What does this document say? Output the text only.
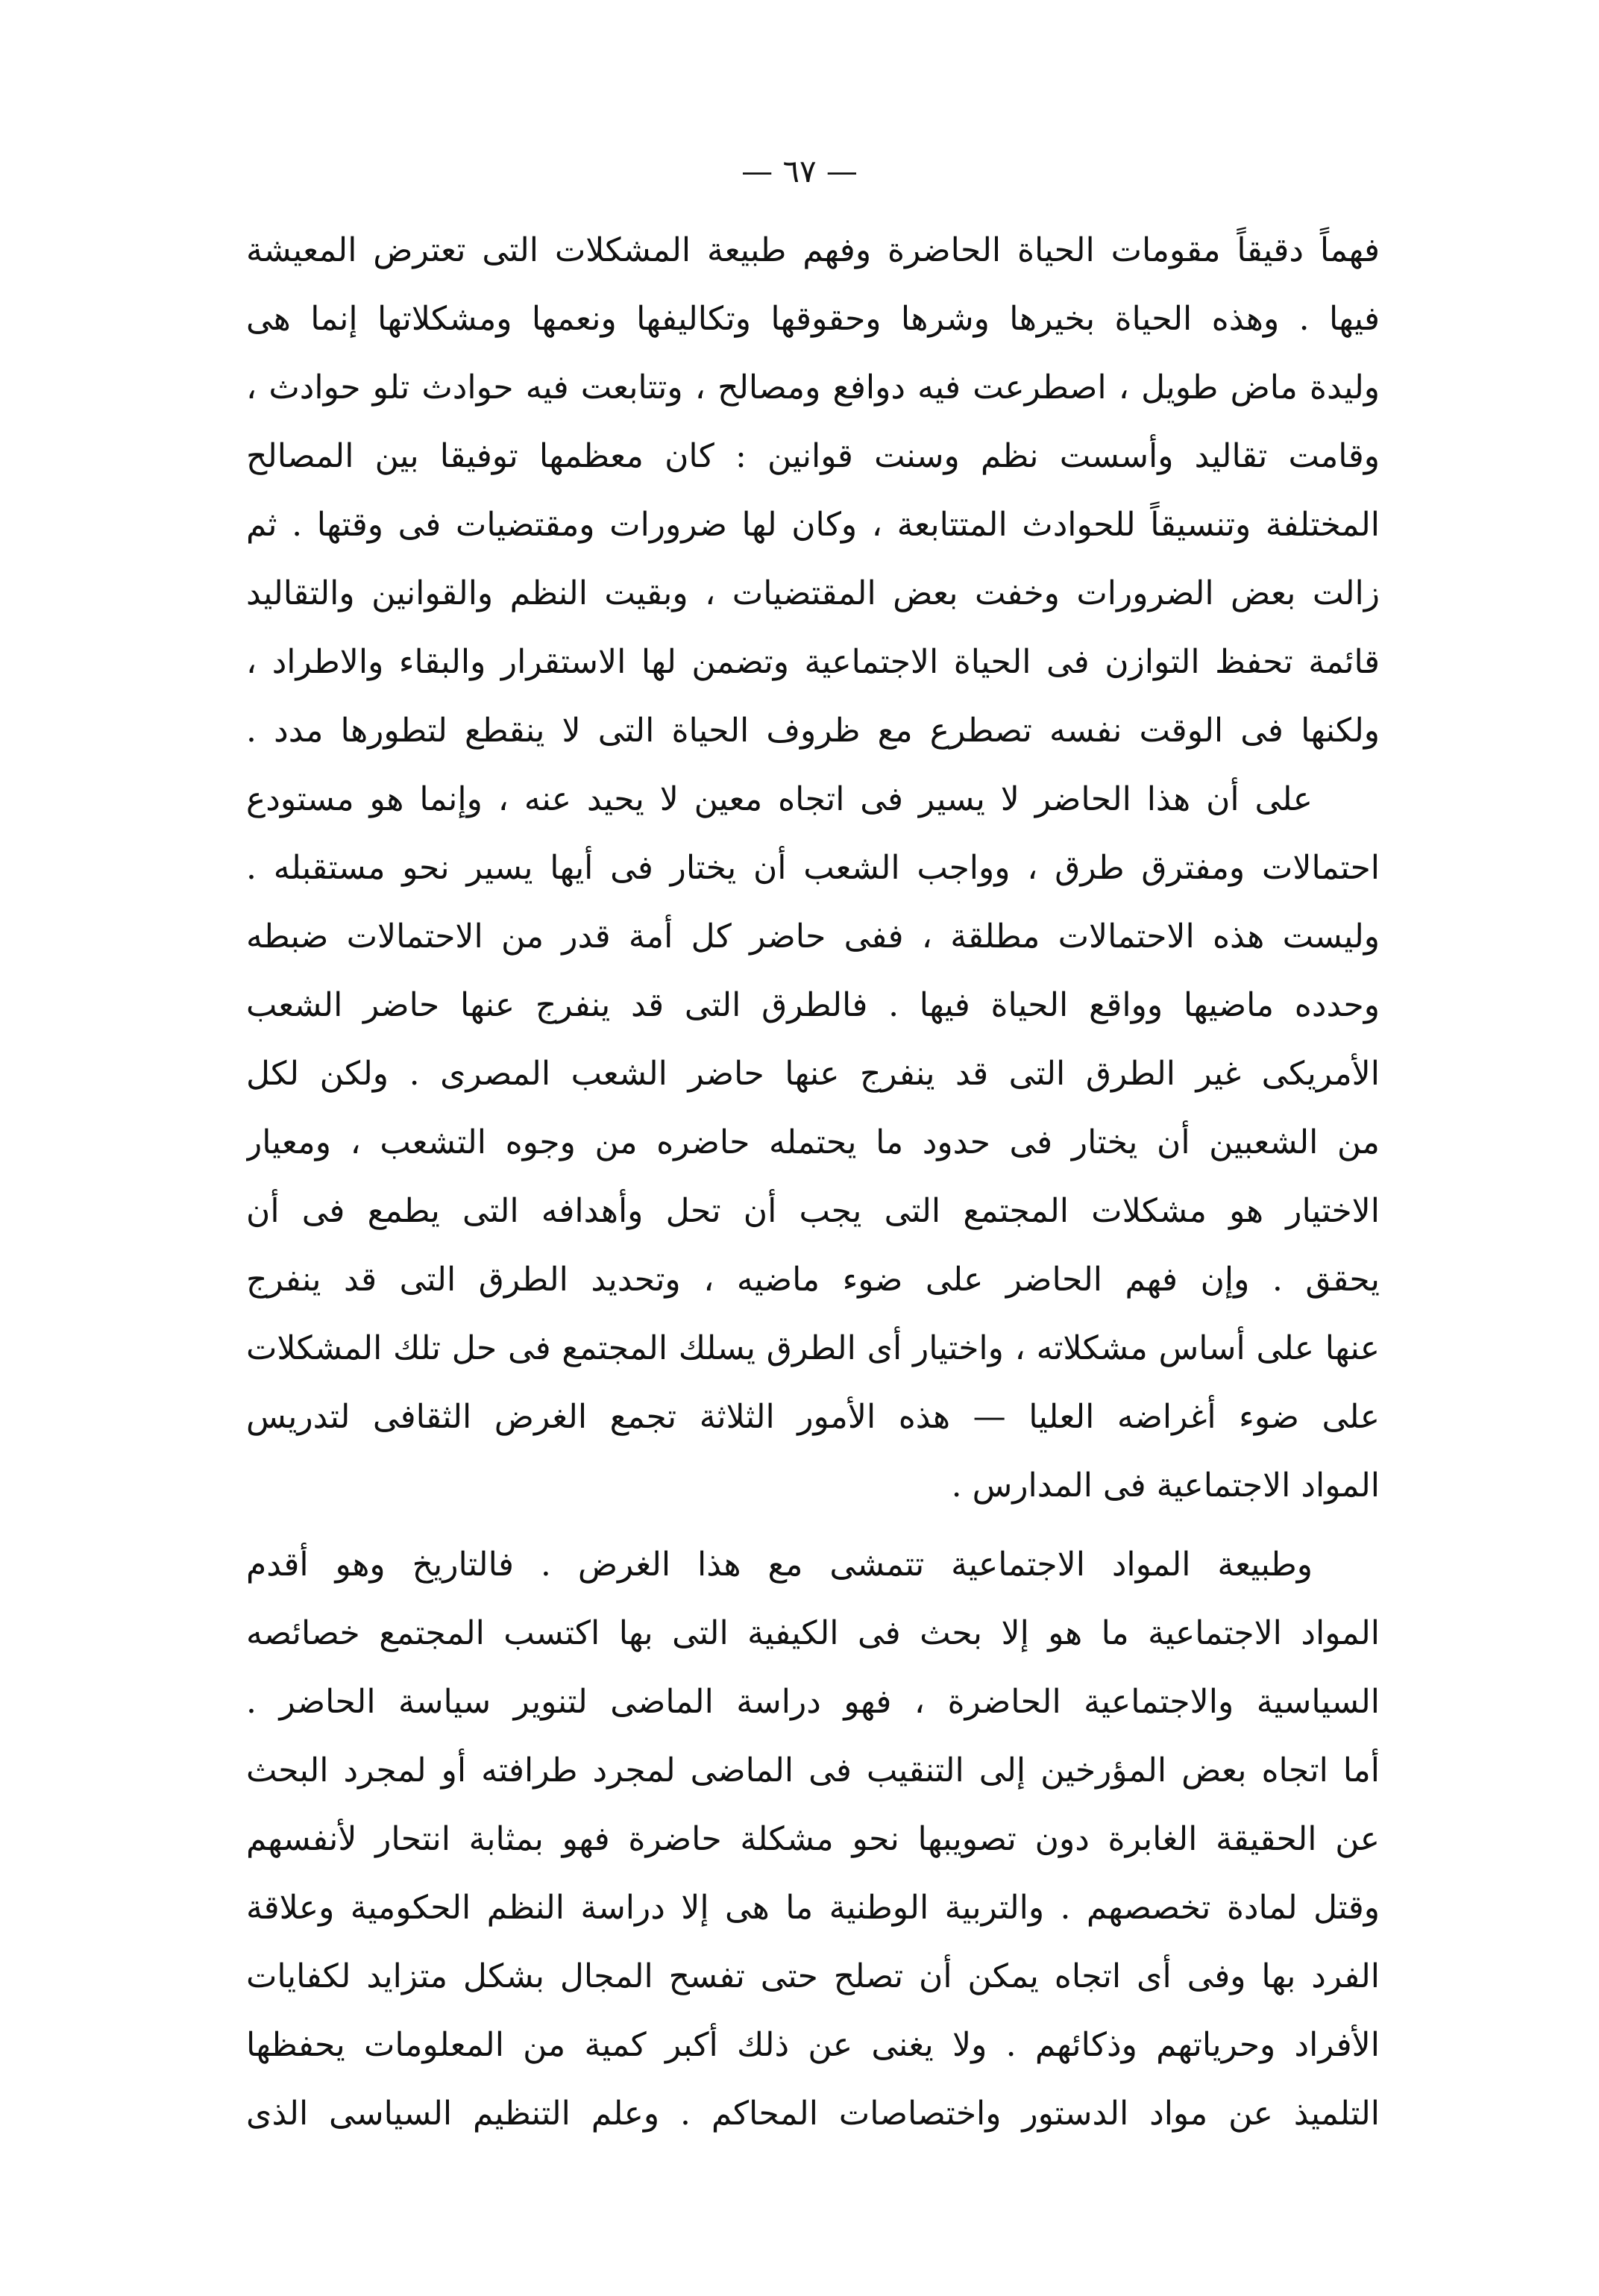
— ٦٧ —
فهماً دقيقاً مقومات الحياة الحاضرة وفهم طبيعة المشكلات التى تعترض المعيشة
فيها . وهذه الحياة بخيرها وشرها وحقوقها وتكاليفها ونعمها ومشكلاتها إنما هى
وليدة ماض طويل ، اصطرعت فيه دوافع ومصالح ، وتتابعت فيه حوادث تلو حوادث ،
وقامت تقاليد وأسست نظم وسنت قوانين : كان معظمها توفيقا بين المصالح
المختلفة وتنسيقاً للحوادث المتتابعة ، وكان لها ضرورات ومقتضيات فى وقتها . ثم
زالت بعض الضرورات وخفت بعض المقتضيات ، وبقيت النظم والقوانين والتقاليد
قائمة تحفظ التوازن فى الحياة الاجتماعية وتضمن لها الاستقرار والبقاء والاطراد ،
ولكنها فى الوقت نفسه تصطرع مع ظروف الحياة التى لا ينقطع لتطورها مدد .
على أن هذا الحاضر لا يسير فى اتجاه معين لا يحيد عنه ، وإنما هو مستودع
احتمالات ومفترق طرق ، وواجب الشعب أن يختار فى أيها يسير نحو مستقبله .
وليست هذه الاحتمالات مطلقة ، ففى حاضر كل أمة قدر من الاحتمالات ضبطه
وحدده ماضيها وواقع الحياة فيها . فالطرق التى قد ينفرج عنها حاضر الشعب
الأمريكى غير الطرق التى قد ينفرج عنها حاضر الشعب المصرى . ولكن لكل
من الشعبين أن يختار فى حدود ما يحتمله حاضره من وجوه التشعب ، ومعيار
الاختيار هو مشكلات المجتمع التى يجب أن تحل وأهدافه التى يطمع فى أن
يحقق . وإن فهم الحاضر على ضوء ماضيه ، وتحديد الطرق التى قد ينفرج
عنها على أساس مشكلاته ، واختيار أى الطرق يسلك المجتمع فى حل تلك المشكلات
على ضوء أغراضه العليا — هذه الأمور الثلاثة تجمع الغرض الثقافى لتدريس
المواد الاجتماعية فى المدارس .
وطبيعة المواد الاجتماعية تتمشى مع هذا الغرض . فالتاريخ وهو أقدم
المواد الاجتماعية ما هو إلا بحث فى الكيفية التى بها اكتسب المجتمع خصائصه
السياسية والاجتماعية الحاضرة ، فهو دراسة الماضى لتنوير سياسة الحاضر .
أما اتجاه بعض المؤرخين إلى التنقيب فى الماضى لمجرد طرافته أو لمجرد البحث
عن الحقيقة الغابرة دون تصويبها نحو مشكلة حاضرة فهو بمثابة انتحار لأنفسهم
وقتل لمادة تخصصهم . والتربية الوطنية ما هى إلا دراسة النظم الحكومية وعلاقة
الفرد بها وفى أى اتجاه يمكن أن تصلح حتى تفسح المجال بشكل متزايد لكفايات
الأفراد وحرياتهم وذكائهم . ولا يغنى عن ذلك أكبر كمية من المعلومات يحفظها
التلميذ عن مواد الدستور واختصاصات المحاكم . وعلم التنظيم السياسى الذى
